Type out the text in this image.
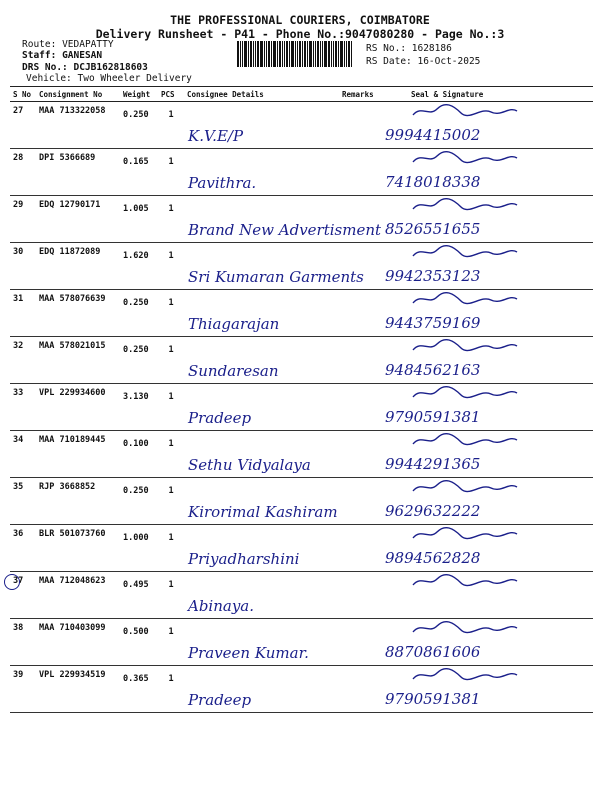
THE PROFESSIONAL COURIERS, COIMBATORE
Delivery Runsheet - P41 - Phone No.:9047080280 - Page No.:3
Route: VEDAPATTY
Staff: GANESAN
DRS No.: DCJB162818603
Vehicle: Two Wheeler Delivery
RS No.: 1628186
RS Date: 16-Oct-2025
S No	Consignment No	Weight	PCS	Consignee Details	Remarks	Seal & Signature
27	MAA 713322058	0.250	1	K.V.E/P		9994415002

28	DPI 5366689	0.165	1	Pavithra.		7418018338

29	EDQ 12790171	1.005	1	Brand New Advertisment		8526551655

30	EDQ 11872089	1.620	1	Sri Kumaran Garments		9942353123

31	MAA 578076639	0.250	1	Thiagarajan		9443759169

32	MAA 578021015	0.250	1	Sundaresan		9484562163

33	VPL 229934600	3.130	1	Pradeep		9790591381

34	MAA 710189445	0.100	1	Sethu Vidyalaya		9944291365

35	RJP 3668852	0.250	1	Kirorimal Kashiram		9629632222

36	BLR 501073760	1.000	1	Priyadharshini		9894562828

37	MAA 712048623	0.495	1	Abinaya.

38	MAA 710403099	0.500	1	Praveen Kumar.		8870861606

39	VPL 229934519	0.365	1	Pradeep		9790591381
